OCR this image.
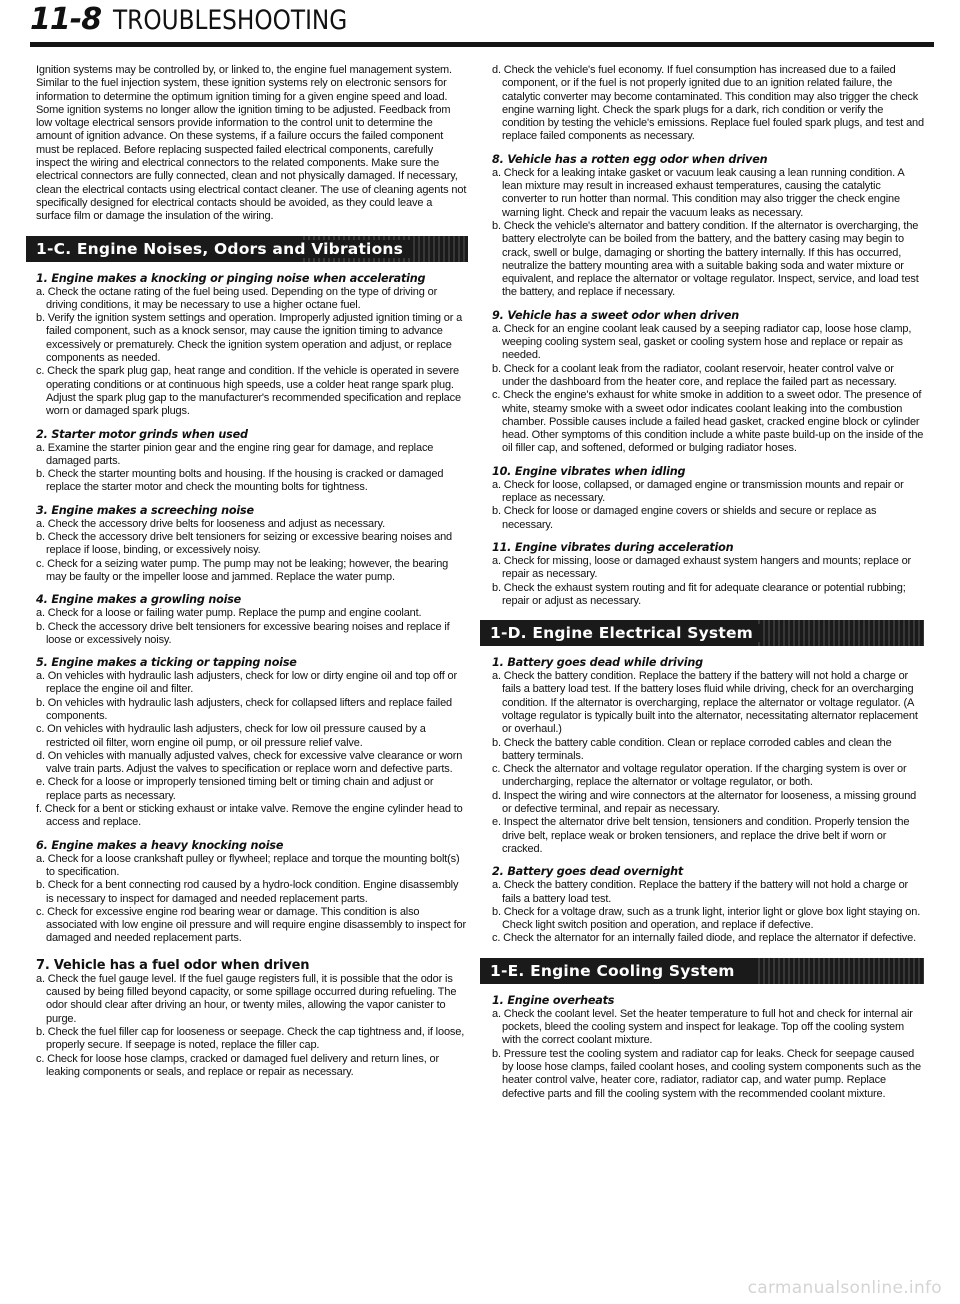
11-8 TROUBLESHOOTING

Ignition systems may be controlled by, or linked to, the engine fuel management system. Similar to the fuel injection system, these ignition systems rely on electronic sensors for information to determine the optimum ignition timing for a given engine speed and load. Some ignition systems no longer allow the ignition timing to be adjusted. Feedback from low voltage electrical sensors provide information to the control unit to determine the amount of ignition advance. On these systems, if a failure occurs the failed component must be replaced. Before replacing suspected failed electrical components, carefully inspect the wiring and electrical connectors to the related components. Make sure the electrical connectors are fully connected, clean and not physically damaged. If necessary, clean the electrical contacts using electrical contact cleaner. The use of cleaning agents not specifically designed for electrical contacts should be avoided, as they could leave a surface film or damage the insulation of the wiring.

1-C. Engine Noises, Odors and Vibrations
1. Engine makes a knocking or pinging noise when accelerating

a. Check the octane rating of the fuel being used. Depending on the type of driving or driving conditions, it may be necessary to use a higher octane fuel.

b. Verify the ignition system settings and operation. Improperly adjusted ignition timing or a failed component, such as a knock sensor, may cause the ignition timing to advance excessively or prematurely. Check the ignition system operation and adjust, or replace components as needed.

c. Check the spark plug gap, heat range and condition. If the vehicle is operated in severe operating conditions or at continuous high speeds, use a colder heat range spark plug. Adjust the spark plug gap to the manufacturer's recommended specification and replace worn or damaged spark plugs.

2. Starter motor grinds when used

a. Examine the starter pinion gear and the engine ring gear for damage, and replace damaged parts.

b. Check the starter mounting bolts and housing. If the housing is cracked or damaged replace the starter motor and check the mounting bolts for tightness.

3. Engine makes a screeching noise

a. Check the accessory drive belts for looseness and adjust as necessary.

b. Check the accessory drive belt tensioners for seizing or excessive bearing noises and replace if loose, binding, or excessively noisy.

c. Check for a seizing water pump. The pump may not be leaking; however, the bearing may be faulty or the impeller loose and jammed. Replace the water pump.

4. Engine makes a growling noise

a. Check for a loose or failing water pump. Replace the pump and engine coolant.

b. Check the accessory drive belt tensioners for excessive bearing noises and replace if loose or excessively noisy.

5. Engine makes a ticking or tapping noise

a. On vehicles with hydraulic lash adjusters, check for low or dirty engine oil and top off or replace the engine oil and filter.

b. On vehicles with hydraulic lash adjusters, check for collapsed lifters and replace failed components.

c. On vehicles with hydraulic lash adjusters, check for low oil pressure caused by a restricted oil filter, worn engine oil pump, or oil pressure relief valve.

d. On vehicles with manually adjusted valves, check for excessive valve clearance or worn valve train parts. Adjust the valves to specification or replace worn and defective parts.

e. Check for a loose or improperly tensioned timing belt or timing chain and adjust or replace parts as necessary.

f. Check for a bent or sticking exhaust or intake valve. Remove the engine cylinder head to access and replace.

6. Engine makes a heavy knocking noise

a. Check for a loose crankshaft pulley or flywheel; replace and torque the mounting bolt(s) to specification.

b. Check for a bent connecting rod caused by a hydro-lock condition. Engine disassembly is necessary to inspect for damaged and needed replacement parts.

c. Check for excessive engine rod bearing wear or damage. This condition is also associated with low engine oil pressure and will require engine disassembly to inspect for damaged and needed replacement parts.

7. Vehicle has a fuel odor when driven

a. Check the fuel gauge level. If the fuel gauge registers full, it is possible that the odor is caused by being filled beyond capacity, or some spillage occurred during refueling. The odor should clear after driving an hour, or twenty miles, allowing the vapor canister to purge.

b. Check the fuel filler cap for looseness or seepage. Check the cap tightness and, if loose, properly secure. If seepage is noted, replace the filler cap.

c. Check for loose hose clamps, cracked or damaged fuel delivery and return lines, or leaking components or seals, and replace or repair as necessary.

d. Check the vehicle's fuel economy. If fuel consumption has increased due to a failed component, or if the fuel is not properly ignited due to an ignition related failure, the catalytic converter may become contaminated. This condition may also trigger the check engine warning light. Check the spark plugs for a dark, rich condition or verify the condition by testing the vehicle's emissions. Replace fuel fouled spark plugs, and test and replace failed components as necessary.

8. Vehicle has a rotten egg odor when driven

a. Check for a leaking intake gasket or vacuum leak causing a lean running condition. A lean mixture may result in increased exhaust temperatures, causing the catalytic converter to run hotter than normal. This condition may also trigger the check engine warning light. Check and repair the vacuum leaks as necessary.

b. Check the vehicle's alternator and battery condition. If the alternator is overcharging, the battery electrolyte can be boiled from the battery, and the battery casing may begin to crack, swell or bulge, damaging or shorting the battery internally. If this has occurred, neutralize the battery mounting area with a suitable baking soda and water mixture or equivalent, and replace the alternator or voltage regulator. Inspect, service, and load test the battery, and replace if necessary.

9. Vehicle has a sweet odor when driven

a. Check for an engine coolant leak caused by a seeping radiator cap, loose hose clamp, weeping cooling system seal, gasket or cooling system hose and replace or repair as needed.

b. Check for a coolant leak from the radiator, coolant reservoir, heater control valve or under the dashboard from the heater core, and replace the failed part as necessary.

c. Check the engine's exhaust for white smoke in addition to a sweet odor. The presence of white, steamy smoke with a sweet odor indicates coolant leaking into the combustion chamber. Possible causes include a failed head gasket, cracked engine block or cylinder head. Other symptoms of this condition include a white paste build-up on the inside of the oil filler cap, and softened, deformed or bulging radiator hoses.

10. Engine vibrates when idling

a. Check for loose, collapsed, or damaged engine or transmission mounts and repair or replace as necessary.

b. Check for loose or damaged engine covers or shields and secure or replace as necessary.

11. Engine vibrates during acceleration

a. Check for missing, loose or damaged exhaust system hangers and mounts; replace or repair as necessary.

b. Check the exhaust system routing and fit for adequate clearance or potential rubbing; repair or adjust as necessary.

1-D. Engine Electrical System
1. Battery goes dead while driving

a. Check the battery condition. Replace the battery if the battery will not hold a charge or fails a battery load test. If the battery loses fluid while driving, check for an overcharging condition. If the alternator is overcharging, replace the alternator or voltage regulator. (A voltage regulator is typically built into the alternator, necessitating alternator replacement or overhaul.)

b. Check the battery cable condition. Clean or replace corroded cables and clean the battery terminals.

c. Check the alternator and voltage regulator operation. If the charging system is over or undercharging, replace the alternator or voltage regulator, or both.

d. Inspect the wiring and wire connectors at the alternator for looseness, a missing ground or defective terminal, and repair as necessary.

e. Inspect the alternator drive belt tension, tensioners and condition. Properly tension the drive belt, replace weak or broken tensioners, and replace the drive belt if worn or cracked.

2. Battery goes dead overnight

a. Check the battery condition. Replace the battery if the battery will not hold a charge or fails a battery load test.

b. Check for a voltage draw, such as a trunk light, interior light or glove box light staying on. Check light switch position and operation, and replace if defective.

c. Check the alternator for an internally failed diode, and replace the alternator if defective.

1-E. Engine Cooling System
1. Engine overheats

a. Check the coolant level. Set the heater temperature to full hot and check for internal air pockets, bleed the cooling system and inspect for leakage. Top off the cooling system with the correct coolant mixture.

b. Pressure test the cooling system and radiator cap for leaks. Check for seepage caused by loose hose clamps, failed coolant hoses, and cooling system components such as the heater control valve, heater core, radiator, radiator cap, and water pump. Replace defective parts and fill the cooling system with the recommended coolant mixture.

carmanualsonline.info
